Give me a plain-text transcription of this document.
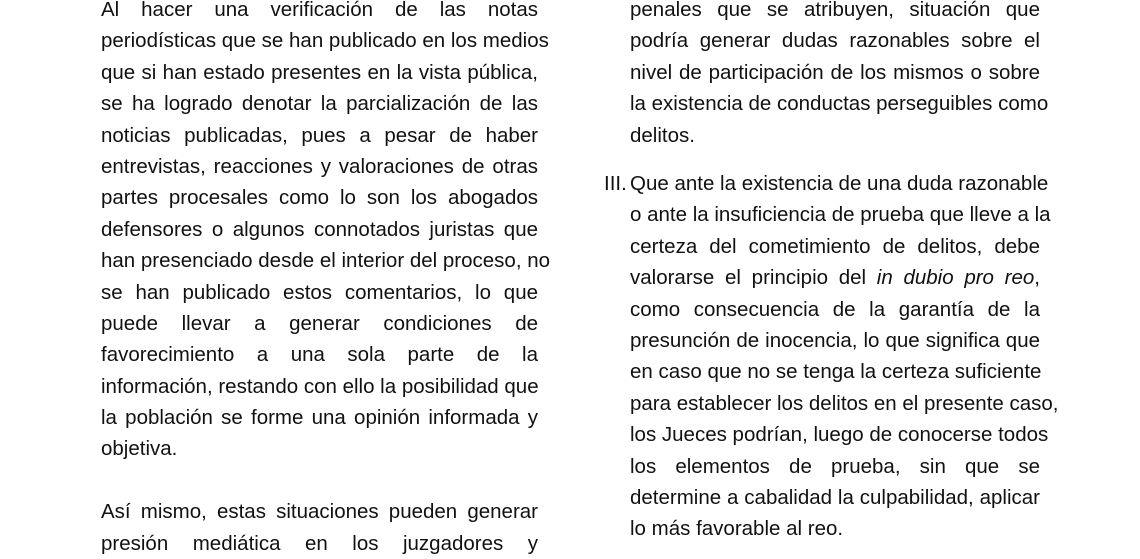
Al hacer una verificación de las notas
periodísticas que se han publicado en los medios
que si han estado presentes en la vista pública,
se ha logrado denotar la parcialización de las
noticias publicadas, pues a pesar de haber
entrevistas, reacciones y valoraciones de otras
partes procesales como lo son los abogados
defensores o algunos connotados juristas que
han presenciado desde el interior del proceso, no
se han publicado estos comentarios, lo que
puede llevar a generar condiciones de
favorecimiento a una sola parte de la
información, restando con ello la posibilidad que
la población se forme una opinión informada y
objetiva.
Así mismo, estas situaciones pueden generar
presión mediática en los juzgadores y
penales que se atribuyen, situación que
podría generar dudas razonables sobre el
nivel de participación de los mismos o sobre
la existencia de conductas perseguibles como
delitos.
III. Que ante la existencia de una duda razonable
o ante la insuficiencia de prueba que lleve a la
certeza del cometimiento de delitos, debe
valorarse el principio del in dubio pro reo,
como consecuencia de la garantía de la
presunción de inocencia, lo que significa que
en caso que no se tenga la certeza suficiente
para establecer los delitos en el presente caso,
los Jueces podrían, luego de conocerse todos
los elementos de prueba, sin que se
determine a cabalidad la culpabilidad, aplicar
lo más favorable al reo.
